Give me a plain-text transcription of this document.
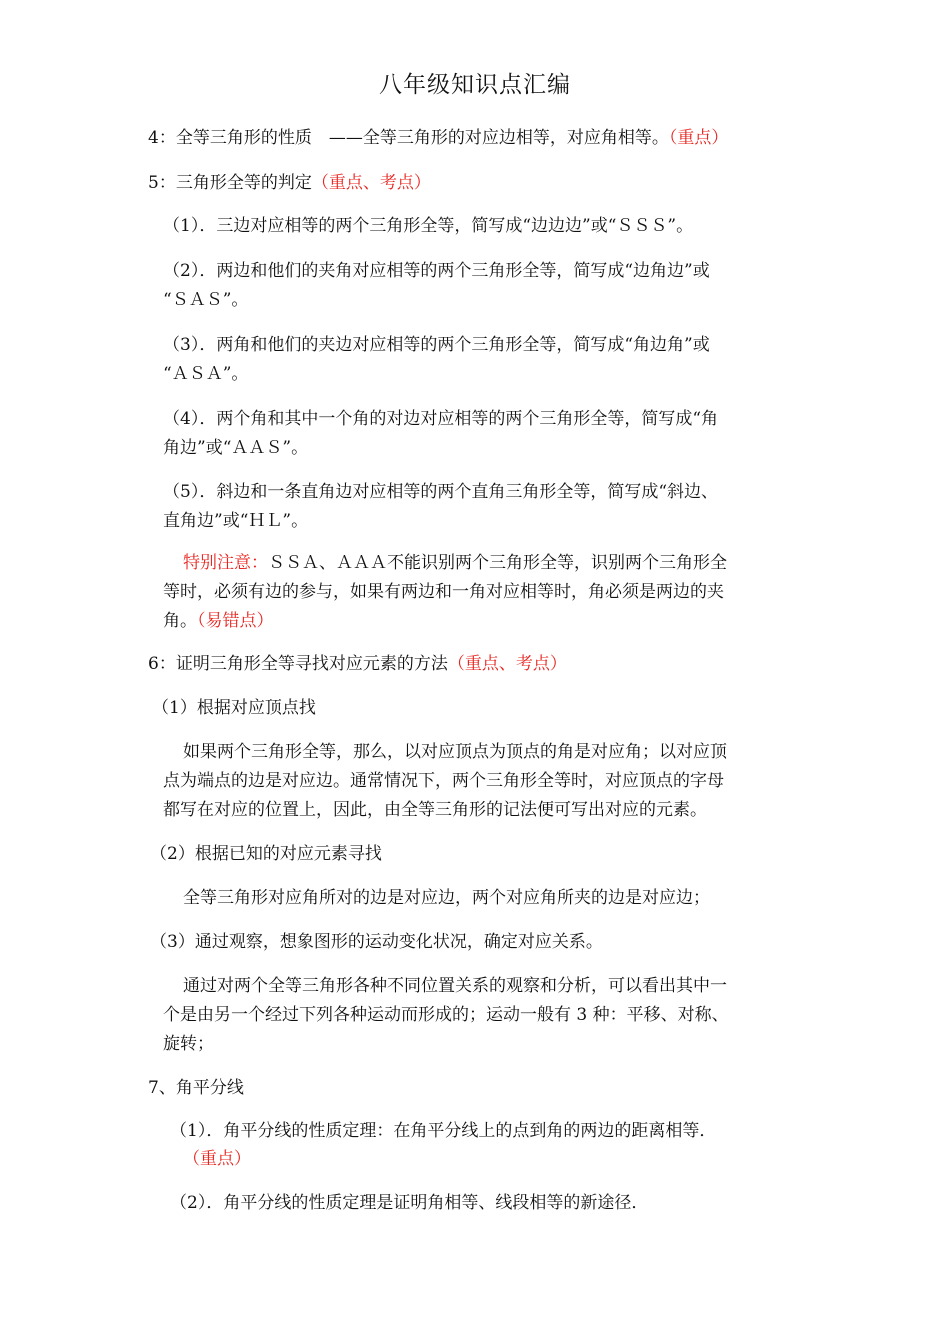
八年级知识点汇编
4：全等三角形的性质　——全等三角形的对应边相等，对应角相等。（重点）
5：三角形全等的判定（重点、考点）
（1）．三边对应相等的两个三角形全等，简写成“边边边”或“ＳＳＳ”。
（2）．两边和他们的夹角对应相等的两个三角形全等，简写成“边角边”或
“ＳＡＳ”。
（3）．两角和他们的夹边对应相等的两个三角形全等，简写成“角边角”或
“ＡＳＡ”。
（4）．两个角和其中一个角的对边对应相等的两个三角形全等，简写成“角
角边”或“ＡＡＳ”。
（5）．斜边和一条直角边对应相等的两个直角三角形全等，简写成“斜边、
直角边”或“ＨＬ”。
特别注意：ＳＳＡ、ＡＡＡ不能识别两个三角形全等，识别两个三角形全
等时，必须有边的参与，如果有两边和一角对应相等时，角必须是两边的夹
角。（易错点）
6：证明三角形全等寻找对应元素的方法（重点、考点）
（1）根据对应顶点找
如果两个三角形全等，那么，以对应顶点为顶点的角是对应角；以对应顶
点为端点的边是对应边。通常情况下，两个三角形全等时，对应顶点的字母
都写在对应的位置上，因此，由全等三角形的记法便可写出对应的元素。
（2）根据已知的对应元素寻找
全等三角形对应角所对的边是对应边，两个对应角所夹的边是对应边；
（3）通过观察，想象图形的运动变化状况，确定对应关系。
通过对两个全等三角形各种不同位置关系的观察和分析，可以看出其中一
个是由另一个经过下列各种运动而形成的；运动一般有 3 种：平移、对称、
旋转；
7、角平分线
（1）．角平分线的性质定理：在角平分线上的点到角的两边的距离相等．
（重点）
（2）．角平分线的性质定理是证明角相等、线段相等的新途径．
